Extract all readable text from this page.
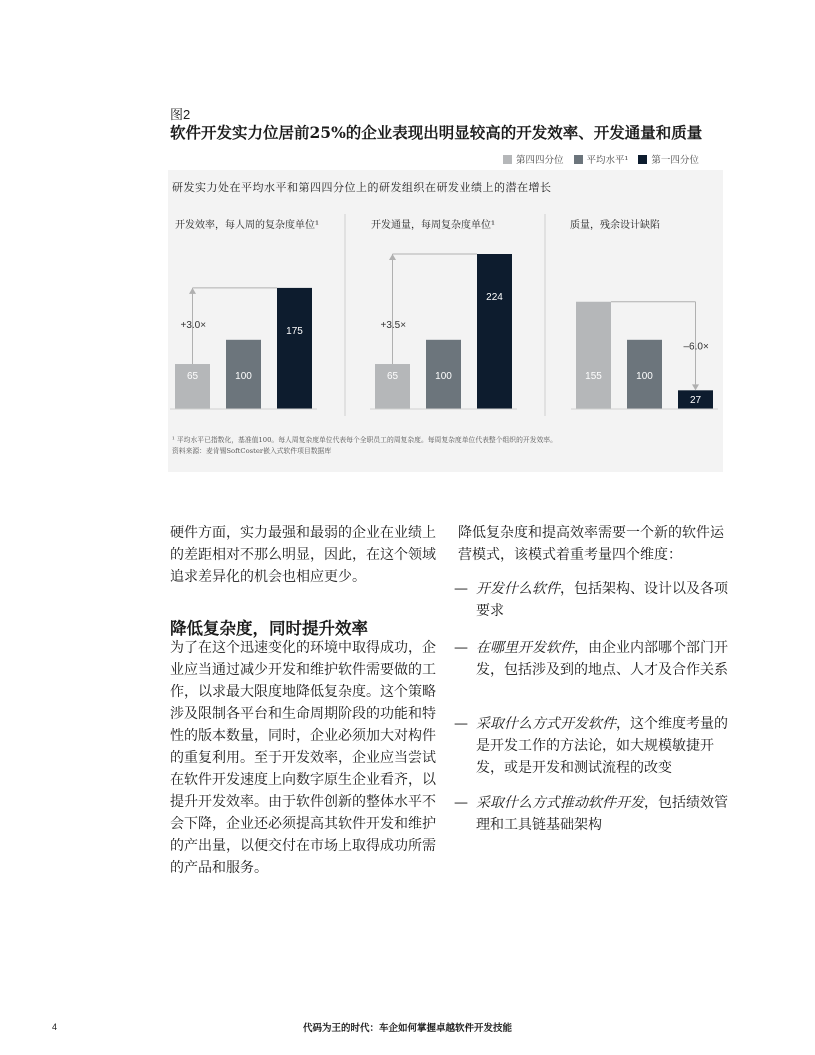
图2
软件开发实力位居前25%的企业表现出明显较高的开发效率、开发通量和质量
第四四分位 平均水平¹ 第一四分位
研发实力处在平均水平和第四四分位上的研发组织在研发业绩上的潜在增长
开发效率，每人周的复杂度单位¹	开发通量，每周复杂度单位¹	质量，残余设计缺陷
65	100
175
+3.0×
65	100
224
+3.5×
155	100
27
–6.0×
¹ 平均水平已指数化，基准值100。每人周复杂度单位代表每个全职员工的周复杂度。每周复杂度单位代表整个组织的开发效率。
资料来源：麦肯锡SoftCoster嵌入式软件项目数据库
硬件方面，实力最强和最弱的企业在业绩上的差距相对不那么明显，因此，在这个领域追求差异化的机会也相应更少。
降低复杂度，同时提升效率
为了在这个迅速变化的环境中取得成功，企业应当通过减少开发和维护软件需要做的工作，以求最大限度地降低复杂度。这个策略涉及限制各平台和生命周期阶段的功能和特性的版本数量，同时，企业必须加大对构件的重复利用。至于开发效率，企业应当尝试在软件开发速度上向数字原生企业看齐，以提升开发效率。由于软件创新的整体水平不会下降，企业还必须提高其软件开发和维护的产出量，以便交付在市场上取得成功所需的产品和服务。
降低复杂度和提高效率需要一个新的软件运营模式，该模式着重考量四个维度：
— 开发什么软件，包括架构、设计以及各项要求
— 在哪里开发软件，由企业内部哪个部门开发，包括涉及到的地点、人才及合作关系
— 采取什么方式开发软件，这个维度考量的是开发工作的方法论，如大规模敏捷开发，或是开发和测试流程的改变
— 采取什么方式推动软件开发，包括绩效管理和工具链基础架构
4	代码为王的时代：车企如何掌握卓越软件开发技能
